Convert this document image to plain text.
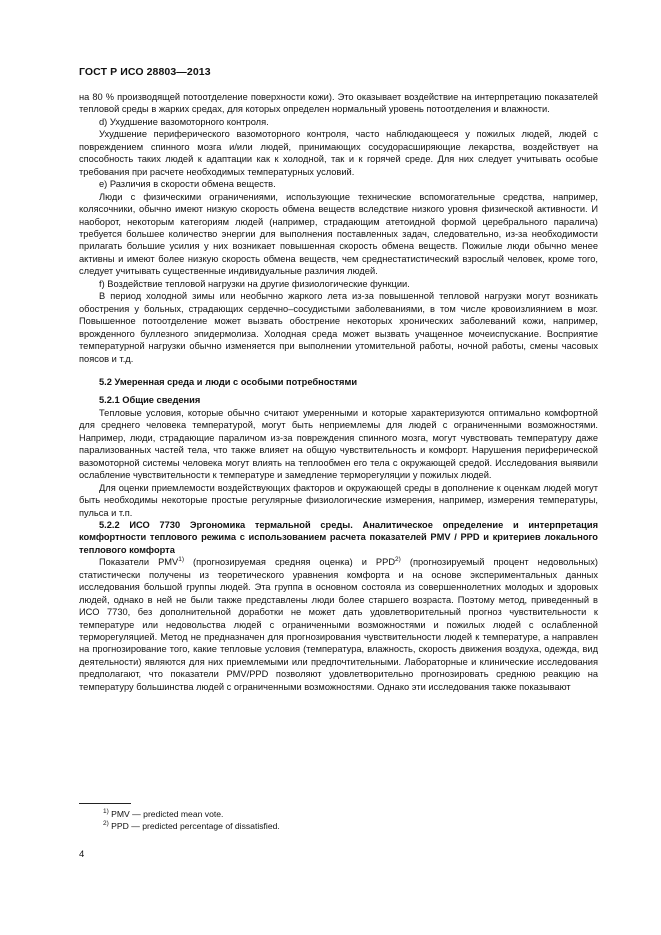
ГОСТ Р ИСО 28803—2013

на 80 % производящей потоотделение поверхности кожи). Это оказывает воздействие на интерпретацию показателей тепловой среды в жарких средах, для которых определен нормальный уровень потоотделения и влажности.

d) Ухудшение вазомоторного контроля.

Ухудшение периферического вазомоторного контроля, часто наблюдающееся у пожилых людей, людей с повреждением спинного мозга и/или людей, принимающих сосудорасширяющие лекарства, воздействует на способность таких людей к адаптации как к холодной, так и к горячей среде. Для них следует учитывать особые требования при расчете необходимых температурных условий.

e) Различия в скорости обмена веществ.

Люди с физическими ограничениями, использующие технические вспомогательные средства, например, колясочники, обычно имеют низкую скорость обмена веществ вследствие низкого уровня физической активности. И наоборот, некоторым категориям людей (например, страдающим атетоидной формой церебрального паралича) требуется большее количество энергии для выполнения поставленных задач, следовательно, из-за необходимости прилагать большие усилия у них возникает повышенная скорость обмена веществ. Пожилые люди обычно менее активны и имеют более низкую скорость обмена веществ, чем среднестатистический взрослый человек, кроме того, следует учитывать существенные индивидуальные различия людей.

f) Воздействие тепловой нагрузки на другие физиологические функции.

В период холодной зимы или необычно жаркого лета из-за повышенной тепловой нагрузки могут возникать обострения у больных, страдающих сердечно–сосудистыми заболеваниями, в том числе кровоизлиянием в мозг. Повышенное потоотделение может вызвать обострение некоторых хронических заболеваний кожи, например, врожденного буллезного эпидермолиза. Холодная среда может вызвать учащенное мочеиспускание. Восприятие температурной нагрузки обычно изменяется при выполнении утомительной работы, ночной работы, смены часовых поясов и т.д.

5.2 Умеренная среда и люди с особыми потребностями

5.2.1 Общие сведения

Тепловые условия, которые обычно считают умеренными и которые характеризуются оптимально комфортной для среднего человека температурой, могут быть неприемлемы для людей с ограниченными возможностями. Например, люди, страдающие параличом из-за повреждения спинного мозга, могут чувствовать температуру даже парализованных частей тела, что также влияет на общую чувствительность и комфорт. Нарушения периферической вазомоторной системы человека могут влиять на теплообмен его тела с окружающей средой. Исследования выявили ослабление чувствительности к температуре и замедление терморегуляции у пожилых людей.

Для оценки приемлемости воздействующих факторов и окружающей среды в дополнение к оценкам людей могут быть необходимы некоторые простые регулярные физиологические измерения, например, измерения температуры, пульса и т.п.

5.2.2 ИСО 7730 Эргономика термальной среды. Аналитическое определение и интерпретация комфортности теплового режима с использованием расчета показателей PMV / PPD и критериев локального теплового комфорта

Показатели PMV$^{1)}$ (прогнозируемая средняя оценка) и PPD$^{2)}$ (прогнозируемый процент недовольных) статистически получены из теоретического уравнения комфорта и на основе экспериментальных данных исследования большой группы людей. Эта группа в основном состояла из совершеннолетних молодых и здоровых людей, однако в ней не были также представлены люди более старшего возраста. Поэтому метод, приведенный в ИСО 7730, без дополнительной доработки не может дать удовлетворительный прогноз чувствительности к температуре или недовольства людей с ограниченными возможностями и пожилых людей с ослабленной терморегуляцией. Метод не предназначен для прогнозирования чувствительности людей к температуре, а направлен на прогнозирование того, какие тепловые условия (температура, влажность, скорость движения воздуха, одежда, вид деятельности) являются для них приемлемыми или предпочтительными. Лабораторные и клинические исследования предполагают, что показатели PMV/PPD позволяют удовлетворительно прогнозировать среднюю реакцию на температуру большинства людей с ограниченными возможностями. Однако эти исследования также показывают

$^{1)}$ PMV — predicted mean vote.
$^{2)}$ PPD — predicted percentage of dissatisfied.
4
